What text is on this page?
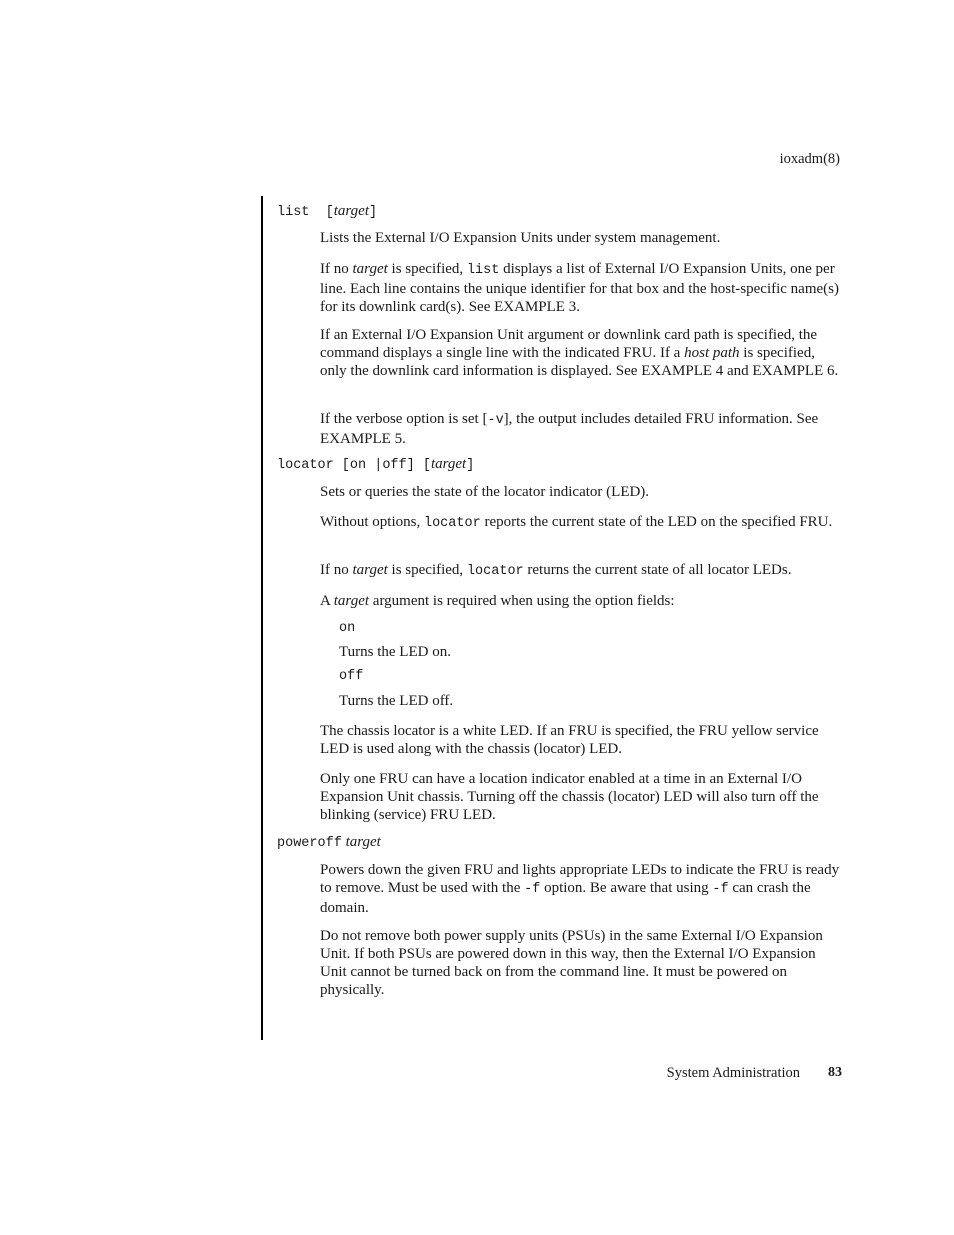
ioxadm(8)
list [target]
Lists the External I/O Expansion Units under system management.
If no target is specified, list displays a list of External I/O Expansion Units, one per line. Each line contains the unique identifier for that box and the host-specific name(s) for its downlink card(s). See EXAMPLE 3.
If an External I/O Expansion Unit argument or downlink card path is specified, the command displays a single line with the indicated FRU. If a host path is specified, only the downlink card information is displayed. See EXAMPLE 4 and EXAMPLE 6.
If the verbose option is set [-v], the output includes detailed FRU information. See EXAMPLE 5.
locator [on |off] [target]
Sets or queries the state of the locator indicator (LED).
Without options, locator reports the current state of the LED on the specified FRU.
If no target is specified, locator returns the current state of all locator LEDs.
A target argument is required when using the option fields:
on
Turns the LED on.
off
Turns the LED off.
The chassis locator is a white LED. If an FRU is specified, the FRU yellow service LED is used along with the chassis (locator) LED.
Only one FRU can have a location indicator enabled at a time in an External I/O Expansion Unit chassis. Turning off the chassis (locator) LED will also turn off the blinking (service) FRU LED.
poweroff target
Powers down the given FRU and lights appropriate LEDs to indicate the FRU is ready to remove. Must be used with the -f option. Be aware that using -f can crash the domain.
Do not remove both power supply units (PSUs) in the same External I/O Expansion Unit. If both PSUs are powered down in this way, then the External I/O Expansion Unit cannot be turned back on from the command line. It must be powered on physically.
System Administration 83
